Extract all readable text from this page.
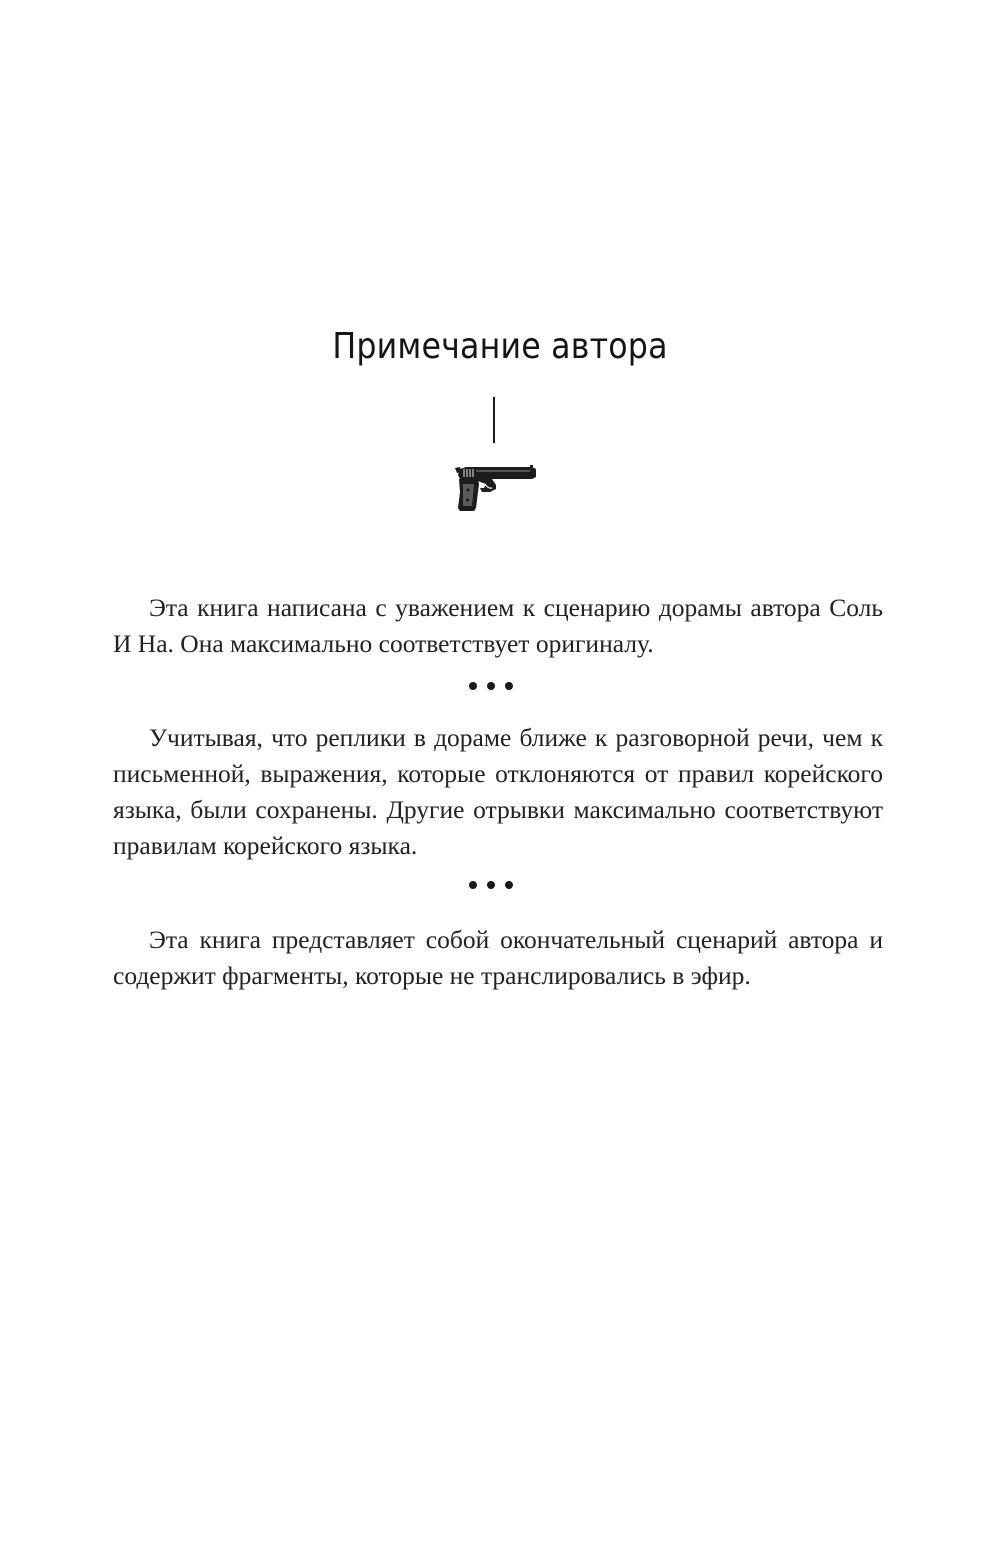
Примечание автора

Эта книга написана с уважением к сценарию дорамы автора Соль И На. Она максимально соответствует оригиналу.

Учитывая, что реплики в дораме ближе к разговорной речи, чем к письменной, выражения, которые отклоняются от правил корейского языка, были сохранены. Другие отрывки максимально соответствуют правилам корейского языка.

Эта книга представляет собой окончательный сценарий автора и содержит фрагменты, которые не транслировались в эфир.
